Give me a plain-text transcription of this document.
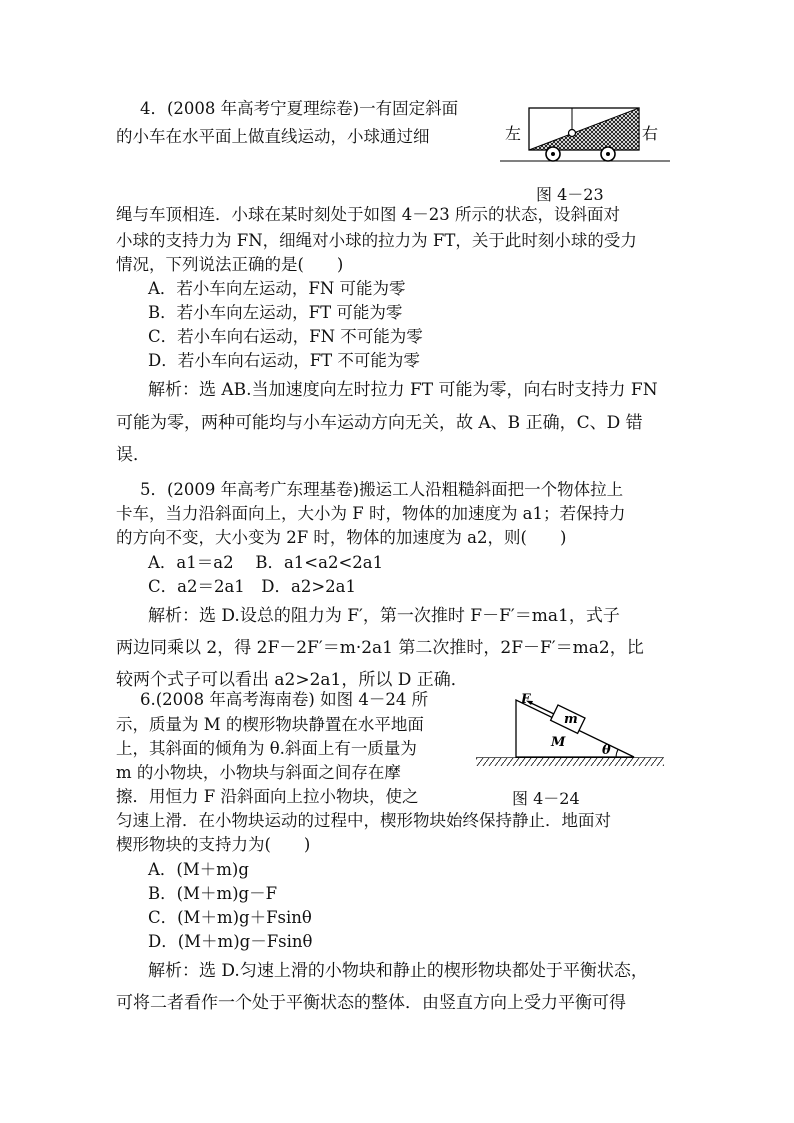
4．(2008 年高考宁夏理综卷)一有固定斜面
的小车在水平面上做直线运动，小球通过细	左	右
图 4－23
绳与车顶相连．小球在某时刻处于如图 4－23 所示的状态，设斜面对
小球的支持力为 FN，细绳对小球的拉力为 FT，关于此时刻小球的受力
情况，下列说法正确的是(　　)
A．若小车向左运动，FN 可能为零
B．若小车向左运动，FT 可能为零
C．若小车向右运动，FN 不可能为零
D．若小车向右运动，FT 不可能为零
解析：选 AB.当加速度向左时拉力 FT 可能为零，向右时支持力 FN
可能为零，两种可能均与小车运动方向无关，故 A、B 正确，C、D 错
误．
5．(2009 年高考广东理基卷)搬运工人沿粗糙斜面把一个物体拉上
卡车，当力沿斜面向上，大小为 F 时，物体的加速度为 a1；若保持力
的方向不变，大小变为 2F 时，物体的加速度为 a2，则(　　)
A．a1＝a2　 B．a1<a2<2a1
C．a2＝2a1　D．a2>2a1
解析：选 D.设总的阻力为 F′，第一次推时 F－F′＝ma1，式子
两边同乘以 2，得 2F－2F′＝m·2a1 第二次推时，2F－F′＝ma2，比
较两个式子可以看出 a2>2a1，所以 D 正确．
6.(2008 年高考海南卷) 如图 4－24 所
示，质量为 M 的楔形物块静置在水平地面
上，其斜面的倾角为 θ.斜面上有一质量为
m 的小物块，小物块与斜面之间存在摩
擦．用恒力 F 沿斜面向上拉小物块，使之
F
m
M
θ
图 4－24
匀速上滑．在小物块运动的过程中，楔形物块始终保持静止．地面对
楔形物块的支持力为(　　)
A．(M＋m)g
B．(M＋m)g－F
C．(M＋m)g＋Fsinθ
D．(M＋m)g－Fsinθ
解析：选 D.匀速上滑的小物块和静止的楔形物块都处于平衡状态，
可将二者看作一个处于平衡状态的整体．由竖直方向上受力平衡可得
